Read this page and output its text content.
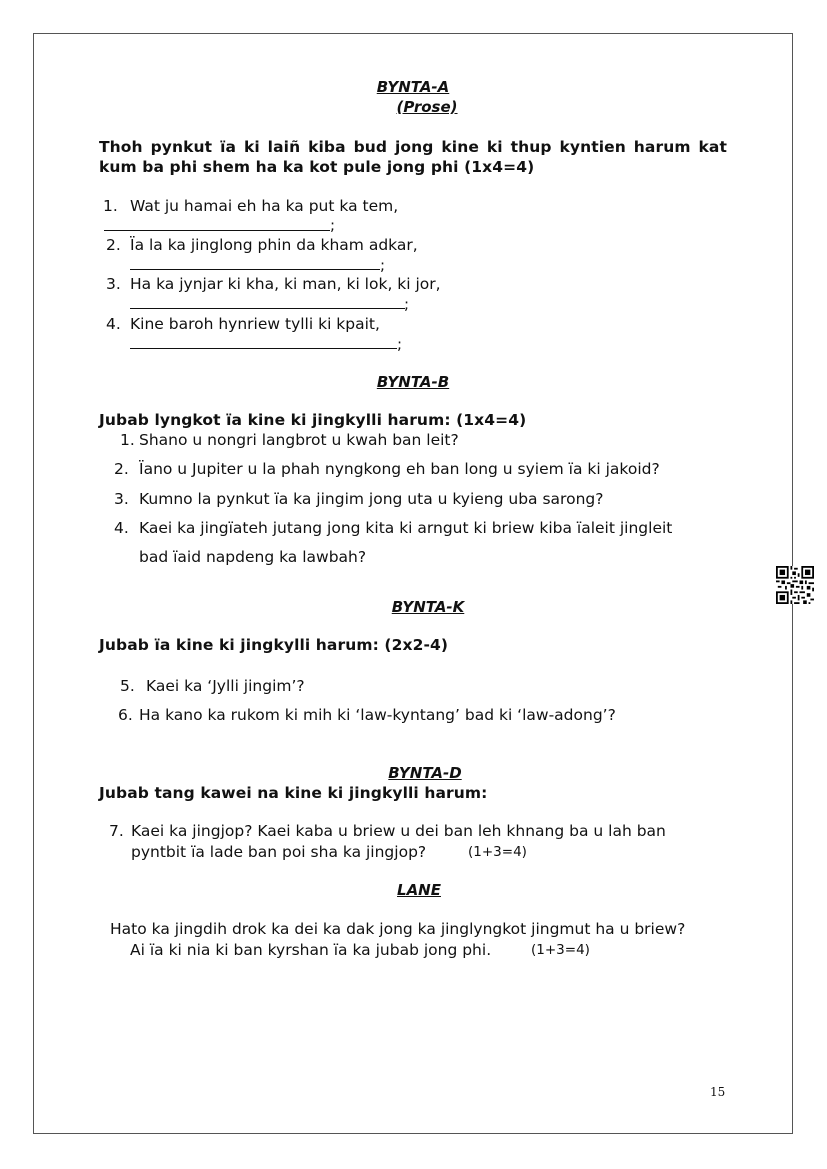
BYNTA-A
(Prose)
Thoh pynkut ïa ki laiñ kiba bud jong kine ki thup kyntien harum kat
kum ba phi shem ha ka kot pule jong phi (1x4=4)
1. Wat ju hamai eh ha ka put ka tem,
;
2. Ïa la ka jinglong phin da kham adkar,
;
3. Ha ka jynjar ki kha, ki man, ki lok, ki jor,
;
4. Kine baroh hynriew tylli ki kpait,
;
BYNTA-B
Jubab lyngkot ïa kine ki jingkylli harum: (1x4=4)
1. Shano u nongri langbrot u kwah ban leit?
2. Ïano u Jupiter u la phah nyngkong eh ban long u syiem ïa ki jakoid?
3. Kumno la pynkut ïa ka jingim jong uta u kyieng uba sarong?
4. Kaei ka jingïateh jutang jong kita ki arngut ki briew kiba ïaleit jingleit
bad ïaid napdeng ka lawbah?
BYNTA-K
Jubab ïa kine ki jingkylli harum: (2x2-4)
5. Kaei ka ‘Jylli jingim’?
6. Ha kano ka rukom ki mih ki ‘law-kyntang’ bad ki ‘law-adong’?
BYNTA-D
Jubab tang kawei na kine ki jingkylli harum:
7. Kaei ka jingjop? Kaei kaba u briew u dei ban leh khnang ba u lah ban
pyntbit ïa lade ban poi sha ka jingjop?	(1+3=4)
LANE
Hato ka jingdih drok ka dei ka dak jong ka jinglyngkot jingmut ha u briew?
Ai ïa ki nia ki ban kyrshan ïa ka jubab jong phi.	(1+3=4)
15
